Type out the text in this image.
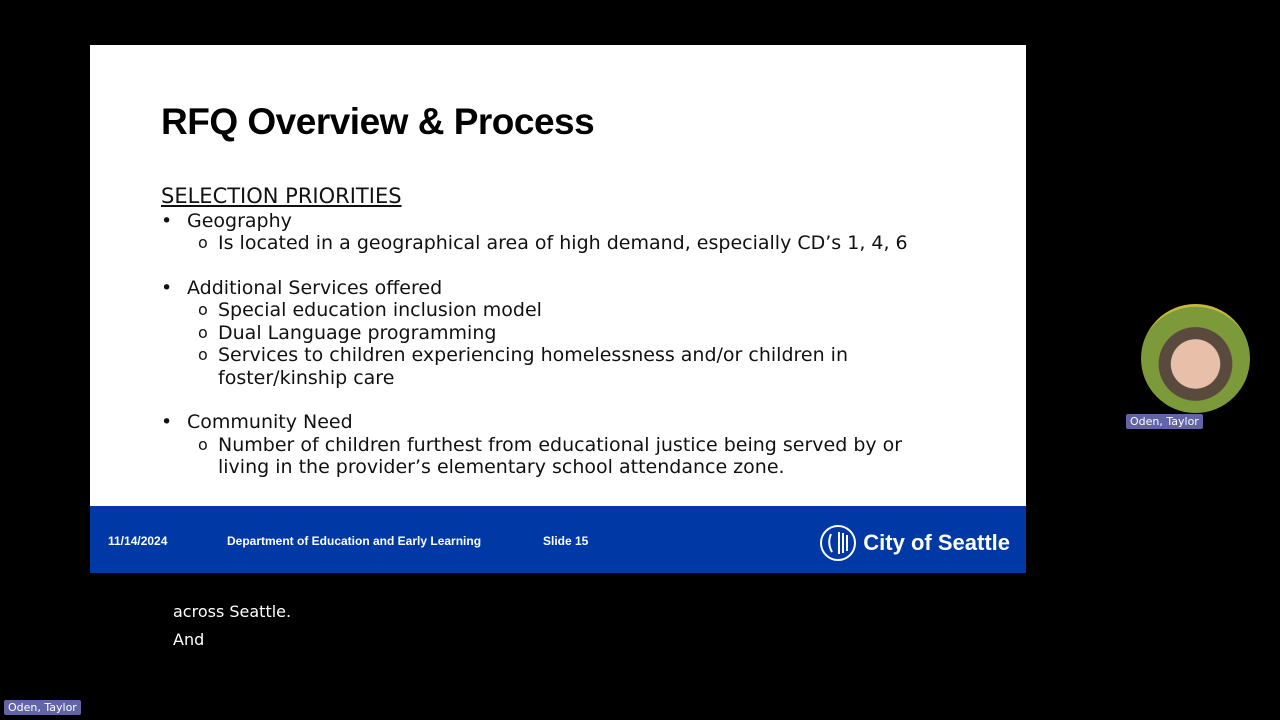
RFQ Overview & Process
SELECTION PRIORITIES
• Geography
o Is located in a geographical area of high demand, especially CD’s 1, 4, 6
• Additional Services offered
o Special education inclusion model
o Dual Language programming
o Services to children experiencing homelessness and/or children in
foster/kinship care
• Community Need
o Number of children furthest from educational justice being served by or
living in the provider’s elementary school attendance zone.
11/14/2024	Department of Education and Early Learning	Slide 15	City of Seattle
across Seattle.
And
Oden, Taylor
Oden, Taylor
